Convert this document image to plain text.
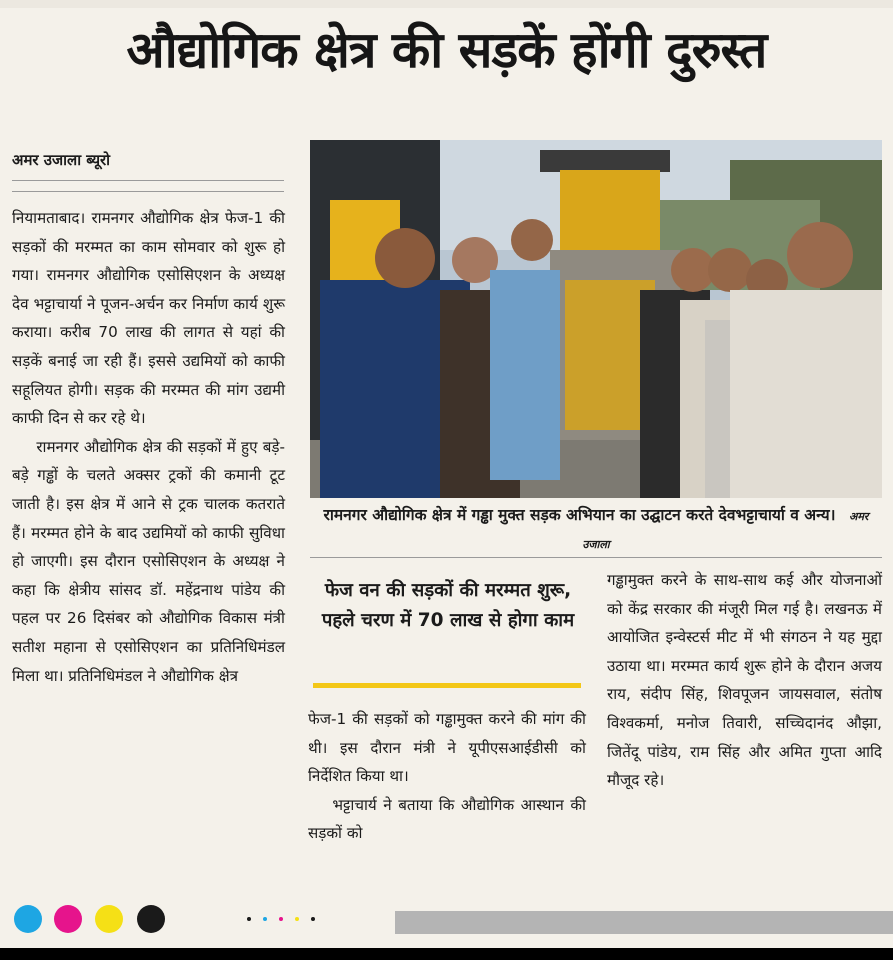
औद्योगिक क्षेत्र की सड़कें होंगी दुरुस्त
अमर उजाला ब्यूरो

नियामताबाद। रामनगर औद्योगिक क्षेत्र फेज-1 की सड़कों की मरम्मत का काम सोमवार को शुरू हो गया। रामनगर औद्योगिक एसोसिएशन के अध्यक्ष देव भट्टाचार्या ने पूजन-अर्चन कर निर्माण कार्य शुरू कराया। करीब 70 लाख की लागत से यहां की सड़कें बनाई जा रही हैं। इससे उद्यमियों को काफी सहूलियत होगी। सड़क की मरम्मत की मांग उद्यमी काफी दिन से कर रहे थे।

रामनगर औद्योगिक क्षेत्र की सड़कों में हुए बड़े-बड़े गड्ढों के चलते अक्सर ट्रकों की कमानी टूट जाती है। इस क्षेत्र में आने से ट्रक चालक कतराते हैं। मरम्मत होने के बाद उद्यमियों को काफी सुविधा हो जाएगी। इस दौरान एसोसिएशन के अध्यक्ष ने कहा कि क्षेत्रीय सांसद डॉ. महेंद्रनाथ पांडेय की पहल पर 26 दिसंबर को औद्योगिक विकास मंत्री सतीश महाना से एसोसिएशन का प्रतिनिधिमंडल मिला था। प्रतिनिधिमंडल ने औद्योगिक क्षेत्र

रामनगर औद्योगिक क्षेत्र में गड्ढा मुक्त सड़क अभियान का उद्घाटन करते देवभट्टाचार्या व अन्य। अमर उजाला
फेज वन की सड़कों की मरम्मत शुरू, पहले चरण में 70 लाख से होगा काम

फेज-1 की सड़कों को गड्ढामुक्त करने की मांग की थी। इस दौरान मंत्री ने यूपीएसआईडीसी को निर्देशित किया था।

भट्टाचार्य ने बताया कि औद्योगिक आस्थान की सड़कों को

गड्ढामुक्त करने के साथ-साथ कई और योजनाओं को केंद्र सरकार की मंजूरी मिल गई है। लखनऊ में आयोजित इन्वेस्टर्स मीट में भी संगठन ने यह मुद्दा उठाया था। मरम्मत कार्य शुरू होने के दौरान अजय राय, संदीप सिंह, शिवपूजन जायसवाल, संतोष विश्वकर्मा, मनोज तिवारी, सच्चिदानंद औझा, जितेंदू पांडेय, राम सिंह और अमित गुप्ता आदि मौजूद रहे।
